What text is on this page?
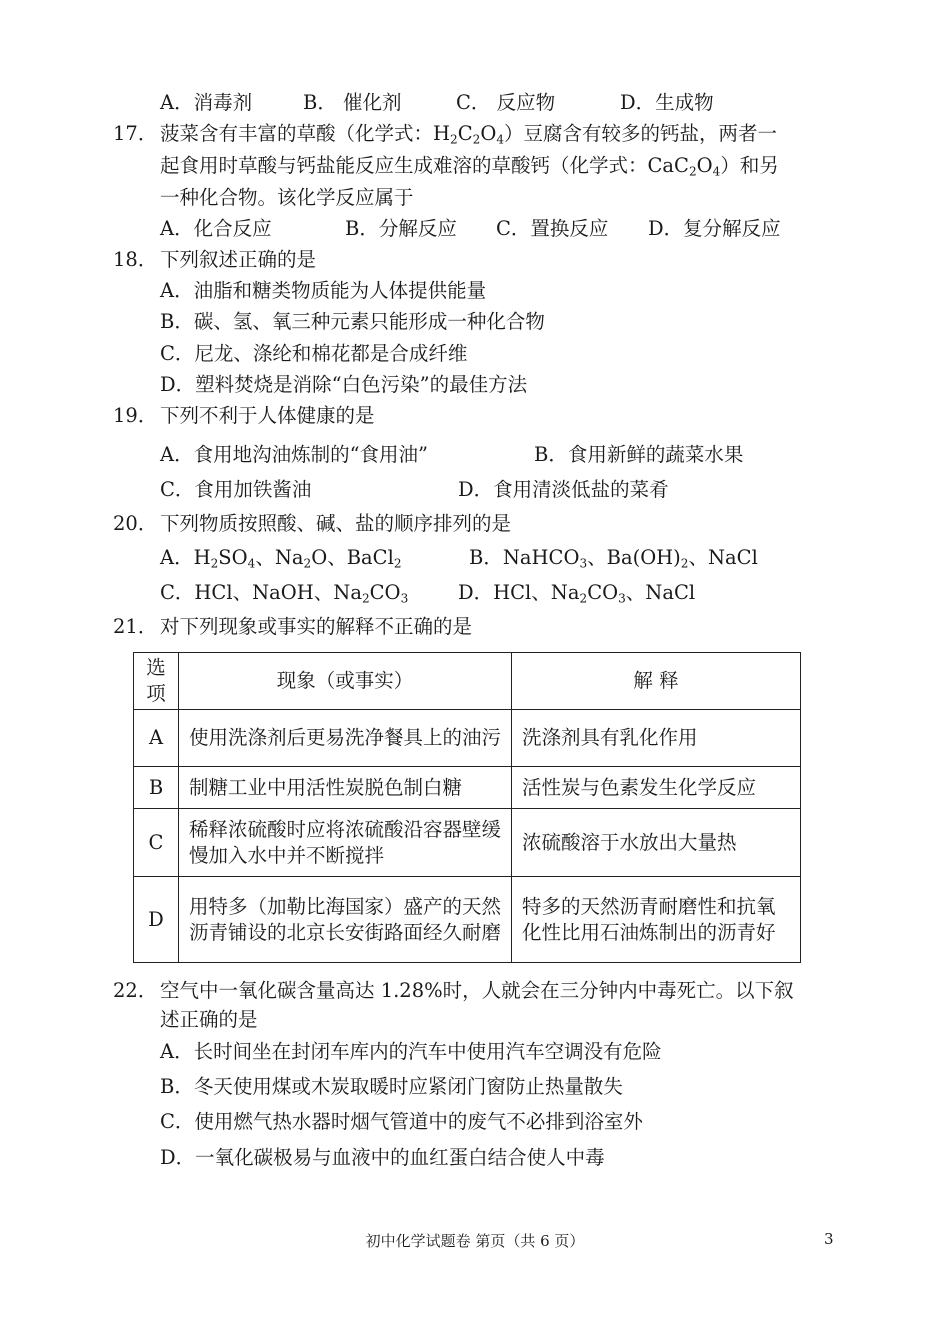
A．消毒剂	B． 催化剂	C． 反应物	D．生成物
17． 菠菜含有丰富的草酸（化学式：$H_2C_2O_4$）豆腐含有较多的钙盐，两者一
起食用时草酸与钙盐能反应生成难溶的草酸钙（化学式：$CaC_2O_4$）和另
一种化合物。该化学反应属于
A．化合反应	B．分解反应 C．置换反应 D．复分解反应
18． 下列叙述正确的是
A．油脂和糖类物质能为人体提供能量
B．碳、氢、氧三种元素只能形成一种化合物
C．尼龙、涤纶和棉花都是合成纤维
D．塑料焚烧是消除“白色污染”的最佳方法
19． 下列不利于人体健康的是
A．食用地沟油炼制的“食用油”	B．食用新鲜的蔬菜水果
C．食用加铁酱油	D．食用清淡低盐的菜肴
20． 下列物质按照酸、碱、盐的顺序排列的是
A．$H_2SO_4$、$Na_2O$、BaCl$_2$	B．NaHCO$_3$、$Ba(OH)_2$、NaCl
C．HCl、NaOH、$Na_2CO_3$	D．HCl、$Na_2CO_3$、NaCl
21． 对下列现象或事实的解释不正确的是
选项	现象（或事实）	解 释
A	使用洗涤剂后更易洗净餐具上的油污	洗涤剂具有乳化作用
B	制糖工业中用活性炭脱色制白糖	活性炭与色素发生化学反应
C	稀释浓硫酸时应将浓硫酸沿容器壁缓慢加入水中并不断搅拌	浓硫酸溶于水放出大量热
D	用特多（加勒比海国家）盛产的天然沥青铺设的北京长安街路面经久耐磨	特多的天然沥青耐磨性和抗氧化性比用石油炼制出的沥青好
22． 空气中一氧化碳含量高达 1.28%时，人就会在三分钟内中毒死亡。以下叙
述正确的是
A．长时间坐在封闭车库内的汽车中使用汽车空调没有危险
B．冬天使用煤或木炭取暖时应紧闭门窗防止热量散失
C．使用燃气热水器时烟气管道中的废气不必排到浴室外
D．一氧化碳极易与血液中的血红蛋白结合使人中毒
初中化学试题卷 第页（共 6 页）	3
